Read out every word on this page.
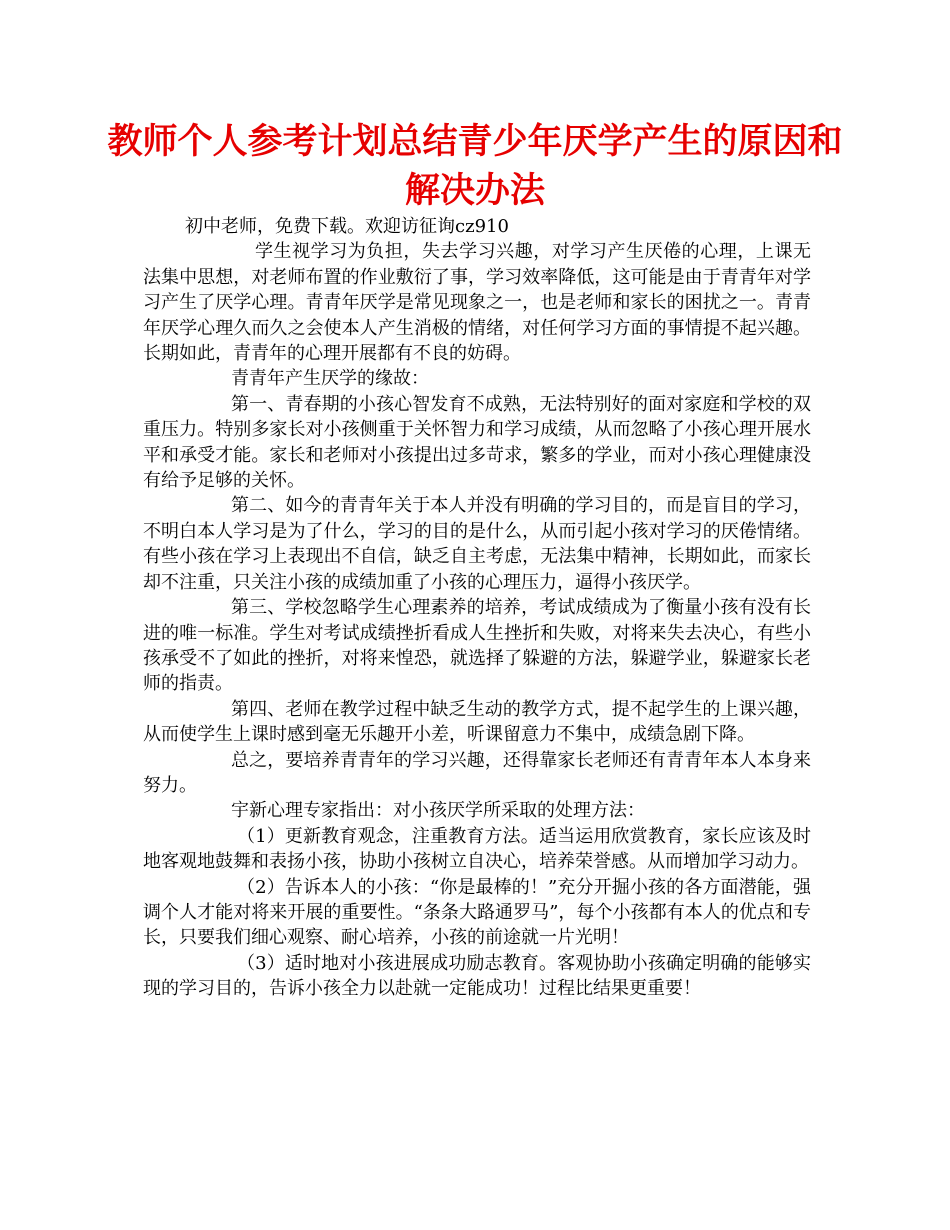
教师个人参考计划总结青少年厌学产生的原因和解决办法

初中老师，免费下载。欢迎访征询cz910

学生视学习为负担，失去学习兴趣，对学习产生厌倦的心理，上课无法集中思想，对老师布置的作业敷衍了事，学习效率降低，这可能是由于青青年对学习产生了厌学心理。青青年厌学是常见现象之一，也是老师和家长的困扰之一。青青年厌学心理久而久之会使本人产生消极的情绪，对任何学习方面的事情提不起兴趣。长期如此，青青年的心理开展都有不良的妨碍。

青青年产生厌学的缘故：

第一、青春期的小孩心智发育不成熟，无法特别好的面对家庭和学校的双重压力。特别多家长对小孩侧重于关怀智力和学习成绩，从而忽略了小孩心理开展水平和承受才能。家长和老师对小孩提出过多苛求，繁多的学业，而对小孩心理健康没有给予足够的关怀。

第二、如今的青青年关于本人并没有明确的学习目的，而是盲目的学习，不明白本人学习是为了什么，学习的目的是什么，从而引起小孩对学习的厌倦情绪。有些小孩在学习上表现出不自信，缺乏自主考虑，无法集中精神，长期如此，而家长却不注重，只关注小孩的成绩加重了小孩的心理压力，逼得小孩厌学。

第三、学校忽略学生心理素养的培养，考试成绩成为了衡量小孩有没有长进的唯一标准。学生对考试成绩挫折看成人生挫折和失败，对将来失去决心，有些小孩承受不了如此的挫折，对将来惶恐，就选择了躲避的方法，躲避学业，躲避家长老师的指责。

第四、老师在教学过程中缺乏生动的教学方式，提不起学生的上课兴趣，从而使学生上课时感到毫无乐趣开小差，听课留意力不集中，成绩急剧下降。

总之，要培养青青年的学习兴趣，还得靠家长老师还有青青年本人本身来努力。

宇新心理专家指出：对小孩厌学所采取的处理方法：

（1）更新教育观念，注重教育方法。适当运用欣赏教育，家长应该及时地客观地鼓舞和表扬小孩，协助小孩树立自决心，培养荣誉感。从而增加学习动力。

（2）告诉本人的小孩：“你是最棒的！”充分开掘小孩的各方面潜能，强调个人才能对将来开展的重要性。“条条大路通罗马”，每个小孩都有本人的优点和专长，只要我们细心观察、耐心培养，小孩的前途就一片光明！

（3）适时地对小孩进展成功励志教育。客观协助小孩确定明确的能够实现的学习目的，告诉小孩全力以赴就一定能成功！过程比结果更重要！
